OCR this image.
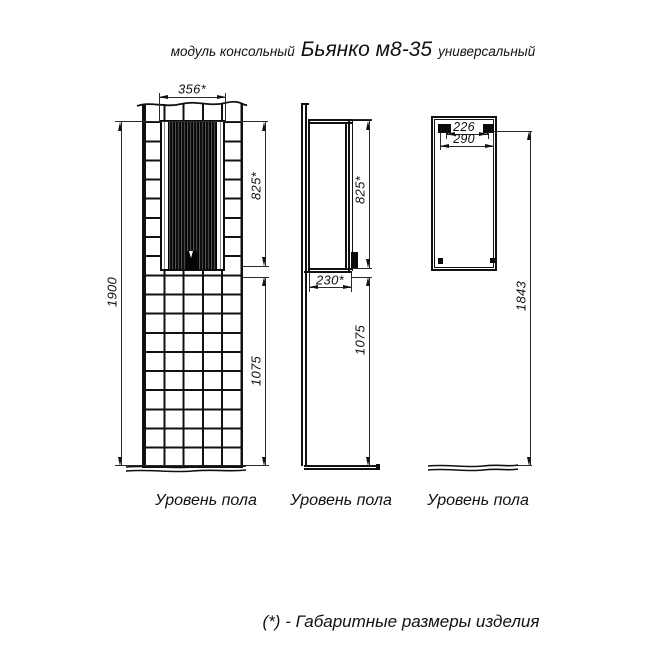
модуль консольный Бьянко м8-35 универсальный
356*
1900
825*
1075
825*
1075
230*
226
290
1843
Уровень пола Уровень пола Уровень пола
(*) - Габаритные размеры изделия
